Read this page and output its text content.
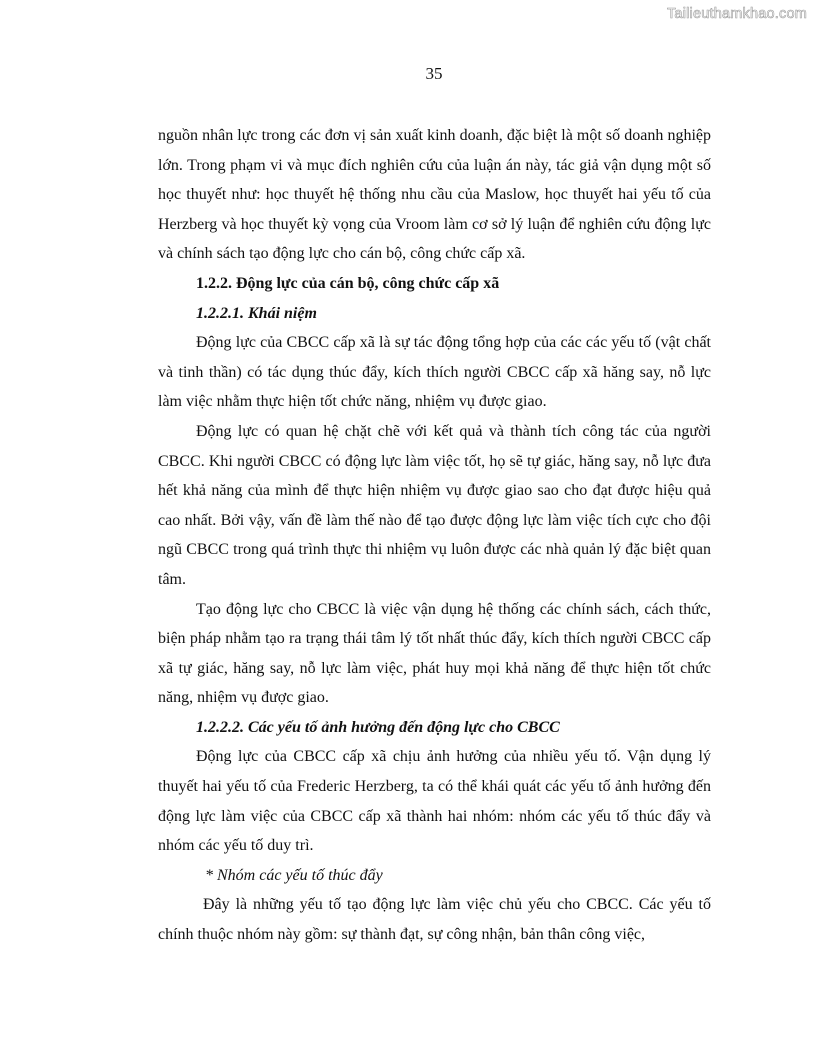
Tailieuthamkhao.com
35

nguồn nhân lực trong các đơn vị sản xuất kinh doanh, đặc biệt là một số doanh nghiệp lớn. Trong phạm vi và mục đích nghiên cứu của luận án này, tác giả vận dụng một số học thuyết như: học thuyết hệ thống nhu cầu của Maslow, học thuyết hai yếu tố của Herzberg và học thuyết kỳ vọng của Vroom làm cơ sở lý luận để nghiên cứu động lực và chính sách tạo động lực cho cán bộ, công chức cấp xã.

1.2.2. Động lực của cán bộ, công chức cấp xã

1.2.2.1. Khái niệm

Động lực của CBCC cấp xã là sự tác động tổng hợp của các các yếu tố (vật chất và tinh thần) có tác dụng thúc đẩy, kích thích người CBCC cấp xã hăng say, nỗ lực làm việc nhằm thực hiện tốt chức năng, nhiệm vụ được giao.

Động lực có quan hệ chặt chẽ với kết quả và thành tích công tác của người CBCC. Khi người CBCC có động lực làm việc tốt, họ sẽ tự giác, hăng say, nỗ lực đưa hết khả năng của mình để thực hiện nhiệm vụ được giao sao cho đạt được hiệu quả cao nhất. Bởi vậy, vấn đề làm thế nào để tạo được động lực làm việc tích cực cho đội ngũ CBCC trong quá trình thực thi nhiệm vụ luôn được các nhà quản lý đặc biệt quan tâm.

Tạo động lực cho CBCC là việc vận dụng hệ thống các chính sách, cách thức, biện pháp nhằm tạo ra trạng thái tâm lý tốt nhất thúc đẩy, kích thích người CBCC cấp xã tự giác, hăng say, nỗ lực làm việc, phát huy mọi khả năng để thực hiện tốt chức năng, nhiệm vụ được giao.

1.2.2.2. Các yếu tố ảnh hưởng đến động lực cho CBCC

Động lực của CBCC cấp xã chịu ảnh hưởng của nhiều yếu tố. Vận dụng lý thuyết hai yếu tố của Frederic Herzberg, ta có thể khái quát các yếu tố ảnh hưởng đến động lực làm việc của CBCC cấp xã thành hai nhóm: nhóm các yếu tố thúc đẩy và nhóm các yếu tố duy trì.

* Nhóm các yếu tố thúc đẩy

Đây là những yếu tố tạo động lực làm việc chủ yếu cho CBCC. Các yếu tố chính thuộc nhóm này gồm: sự thành đạt, sự công nhận, bản thân công việc,
